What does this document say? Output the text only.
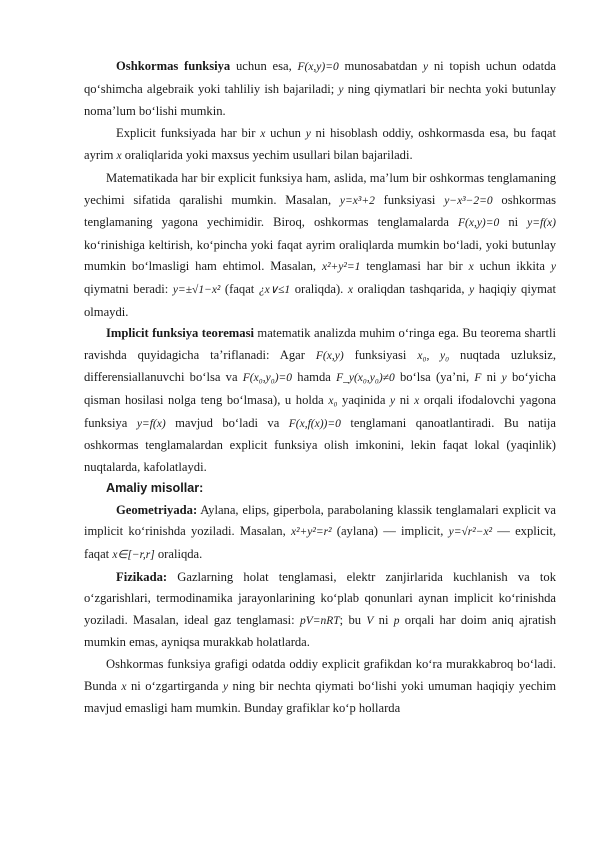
Oshkormas funksiya uchun esa, F(x,y)=0 munosabatdan y ni topish uchun odatda qo‘shimcha algebraik yoki tahliliy ish bajariladi; y ning qiymatlari bir nechta yoki butunlay noma’lum bo‘lishi mumkin.

Explicit funksiyada har bir x uchun y ni hisoblash oddiy, oshkormasda esa, bu faqat ayrim x oraliqlarida yoki maxsus yechim usullari bilan bajariladi.

Matematikada har bir explicit funksiya ham, aslida, ma’lum bir oshkormas tenglamaning yechimi sifatida qaralishi mumkin. Masalan, y=x³+2 funksiyasi y−x³−2=0 oshkormas tenglamaning yagona yechimidir. Biroq, oshkormas tenglamalarda F(x,y)=0 ni y=f(x) ko‘rinishiga keltirish, ko‘pincha yoki faqat ayrim oraliqlarda mumkin bo‘ladi, yoki butunlay mumkin bo‘lmasligi ham ehtimol. Masalan, x²+y²=1 tenglamasi har bir x uchun ikkita y qiymatni beradi: y=±√1−x² (faqat ¿x∨≤1 oraliqda). x oraliqdan tashqarida, y haqiqiy qiymat olmaydi.

Implicit funksiya teoremasi matematik analizda muhim o‘ringa ega. Bu teorema shartli ravishda quyidagicha ta’riflanadi: Agar F(x,y) funksiyasi x₀, y₀ nuqtada uzluksiz, differensiallanuvchi bo‘lsa va F(x₀,y₀)=0 hamda F_y(x₀,y₀)≠0 bo‘lsa (ya’ni, F ni y bo‘yicha qisman hosilasi nolga teng bo‘lmasa), u holda x₀ yaqinida y ni x orqali ifodalovchi yagona funksiya y=f(x) mavjud bo‘ladi va F(x,f(x))=0 tenglamani qanoatlantiradi. Bu natija oshkormas tenglamalardan explicit funksiya olish imkonini, lekin faqat lokal (yaqinlik) nuqtalarda, kafolatlaydi.

Amaliy misollar:

Geometriyada: Aylana, elips, giperbola, parabolaning klassik tenglamalari explicit va implicit ko‘rinishda yoziladi. Masalan, x²+y²=r² (aylana) — implicit, y=√r²−x² — explicit, faqat x∈[−r,r] oraliqda.

Fizikada: Gazlarning holat tenglamasi, elektr zanjirlarida kuchlanish va tok o‘zgarishlari, termodinamika jarayonlarining ko‘plab qonunlari aynan implicit ko‘rinishda yoziladi. Masalan, ideal gaz tenglamasi: pV=nRT; bu V ni p orqali har doim aniq ajratish mumkin emas, ayniqsa murakkab holatlarda.

Oshkormas funksiya grafigi odatda oddiy explicit grafikdan ko‘ra murakkabroq bo‘ladi. Bunda x ni o‘zgartirganda y ning bir nechta qiymati bo‘lishi yoki umuman haqiqiy yechim mavjud emasligi ham mumkin. Bunday grafiklar ko‘p hollarda
